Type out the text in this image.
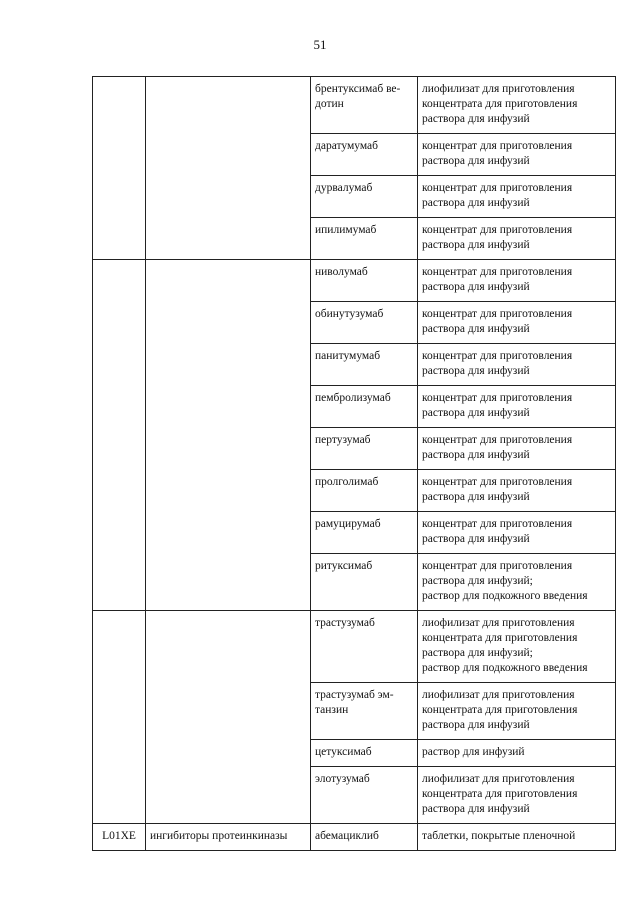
51
		брентуксимаб ве-дотин	лиофилизат для приготовления концентрата для приготовления раствора для инфузий

		даратумумаб	концентрат для приготовления раствора для инфузий

		дурвалумаб	концентрат для приготовления раствора для инфузий

		ипилимумаб	концентрат для приготовления раствора для инфузий

		ниволумаб	концентрат для приготовления раствора для инфузий

		обинутузумаб	концентрат для приготовления раствора для инфузий

		панитумумаб	концентрат для приготовления раствора для инфузий

		пембролизумаб	концентрат для приготовления раствора для инфузий

		пертузумаб	концентрат для приготовления раствора для инфузий

		пролголимаб	концентрат для приготовления раствора для инфузий

		рамуцирумаб	концентрат для приготовления раствора для инфузий

		ритуксимаб	концентрат для приготовления раствора для инфузий;
раствор для подкожного введения

		трастузумаб	лиофилизат для приготовления концентрата для приготовления раствора для инфузий;
раствор для подкожного введения

		трастузумаб эм-танзин	лиофилизат для приготовления концентрата для приготовления раствора для инфузий

		цетуксимаб	раствор для инфузий

		элотузумаб	лиофилизат для приготовления концентрата для приготовления раствора для инфузий

L01XE	ингибиторы протеинкиназы	абемациклиб	таблетки, покрытые пленочной
